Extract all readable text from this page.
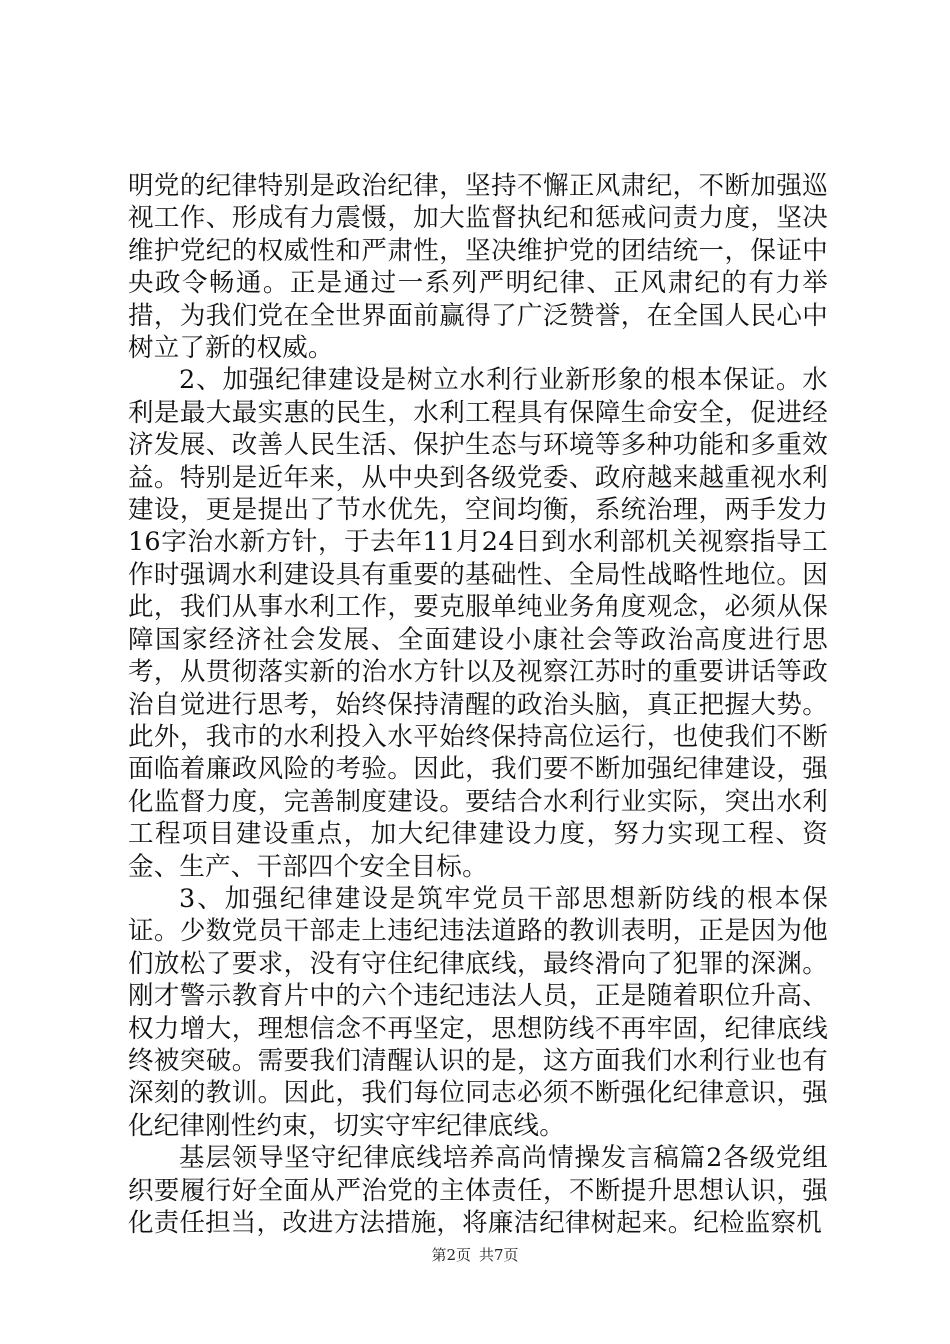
明党的纪律特别是政治纪律，坚持不懈正风肃纪，不断加强巡视工作、形成有力震慑，加大监督执纪和惩戒问责力度，坚决维护党纪的权威性和严肃性，坚决维护党的团结统一，保证中央政令畅通。正是通过一系列严明纪律、正风肃纪的有力举措，为我们党在全世界面前赢得了广泛赞誉，在全国人民心中树立了新的权威。

2、加强纪律建设是树立水利行业新形象的根本保证。水利是最大最实惠的民生，水利工程具有保障生命安全，促进经济发展、改善人民生活、保护生态与环境等多种功能和多重效益。特别是近年来，从中央到各级党委、政府越来越重视水利建设，更是提出了节水优先，空间均衡，系统治理，两手发力16字治水新方针，于去年11月24日到水利部机关视察指导工作时强调水利建设具有重要的基础性、全局性战略性地位。因此，我们从事水利工作，要克服单纯业务角度观念，必须从保障国家经济社会发展、全面建设小康社会等政治高度进行思考，从贯彻落实新的治水方针以及视察江苏时的重要讲话等政治自觉进行思考，始终保持清醒的政治头脑，真正把握大势。此外，我市的水利投入水平始终保持高位运行，也使我们不断面临着廉政风险的考验。因此，我们要不断加强纪律建设，强化监督力度，完善制度建设。要结合水利行业实际，突出水利工程项目建设重点，加大纪律建设力度，努力实现工程、资金、生产、干部四个安全目标。

3、加强纪律建设是筑牢党员干部思想新防线的根本保证。少数党员干部走上违纪违法道路的教训表明，正是因为他们放松了要求，没有守住纪律底线，最终滑向了犯罪的深渊。刚才警示教育片中的六个违纪违法人员，正是随着职位升高、权力增大，理想信念不再坚定，思想防线不再牢固，纪律底线终被突破。需要我们清醒认识的是，这方面我们水利行业也有深刻的教训。因此，我们每位同志必须不断强化纪律意识，强化纪律刚性约束，切实守牢纪律底线。

基层领导坚守纪律底线培养高尚情操发言稿篇2各级党组织要履行好全面从严治党的主体责任，不断提升思想认识，强化责任担当，改进方法措施，将廉洁纪律树起来。纪检监察机

第2页 共7页
